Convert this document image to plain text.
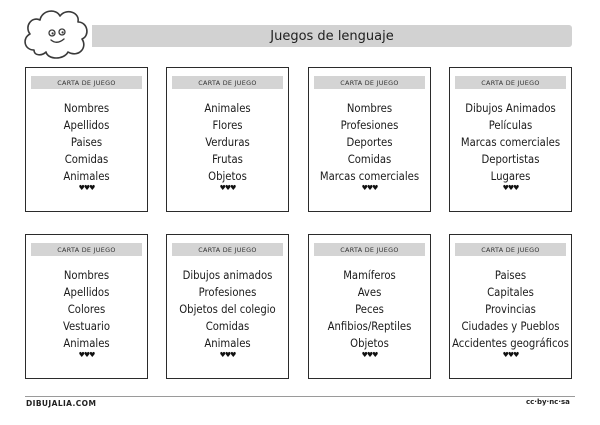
Juegos de lenguaje
CARTA DE JUEGO
Nombres
Apellidos
Paises
Comidas
Animales
♥♥♥
CARTA DE JUEGO
Animales
Flores
Verduras
Frutas
Objetos
♥♥♥
CARTA DE JUEGO
Nombres
Profesiones
Deportes
Comidas
Marcas comerciales
♥♥♥
CARTA DE JUEGO
Dibujos Animados
Películas
Marcas comerciales
Deportistas
Lugares
♥♥♥
CARTA DE JUEGO
Nombres
Apellidos
Colores
Vestuario
Animales
♥♥♥
CARTA DE JUEGO
Dibujos animados
Profesiones
Objetos del colegio
Comidas
Animales
♥♥♥
CARTA DE JUEGO
Mamíferos
Aves
Peces
Anfibios/Reptiles
Objetos
♥♥♥
CARTA DE JUEGO
Paises
Capitales
Provincias
Ciudades y Pueblos
Accidentes geográficos
♥♥♥
DIBUJALIA.COM	cc·by·nc·sa
